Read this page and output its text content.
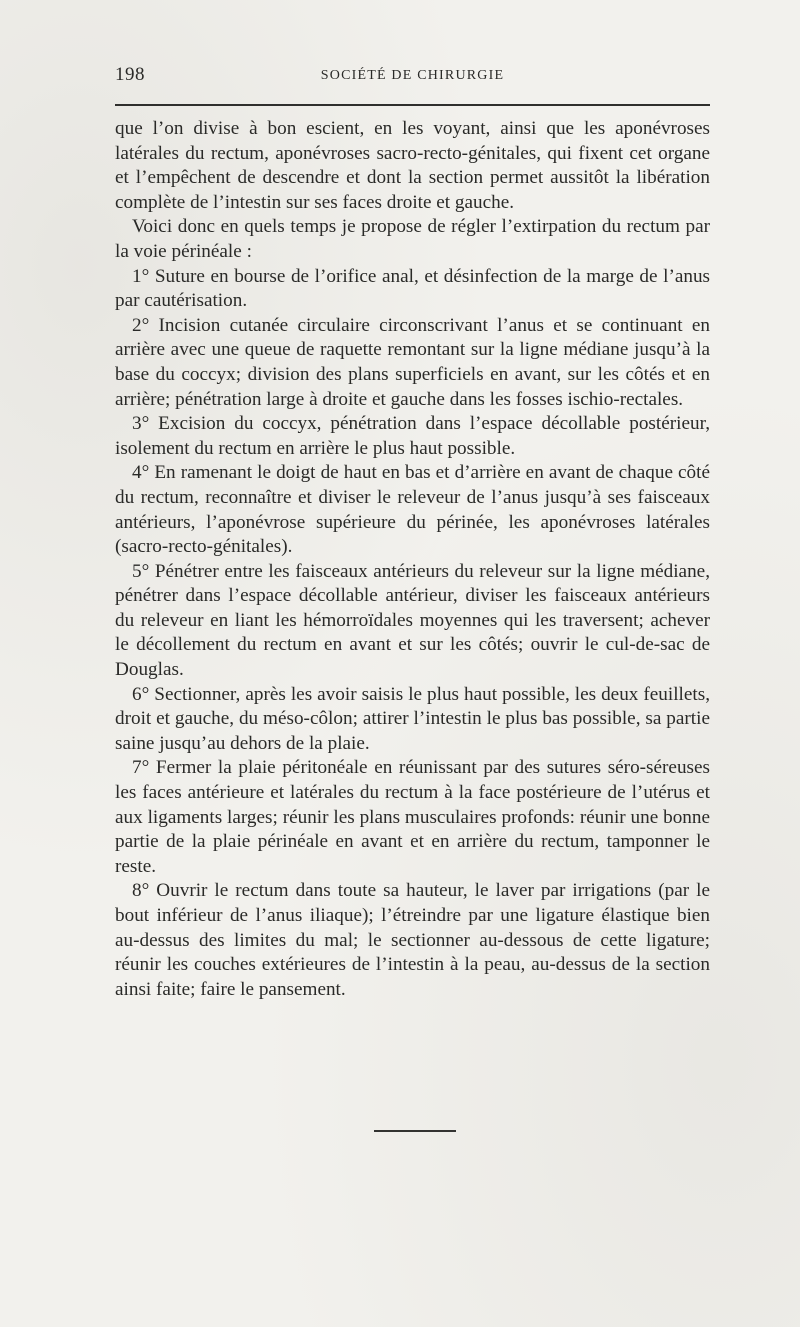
198	SOCIÉTÉ DE CHIRURGIE

que l’on divise à bon escient, en les voyant, ainsi que les aponévroses latérales du rectum, aponévroses sacro-recto-génitales, qui fixent cet organe et l’empêchent de descendre et dont la section permet aussitôt la libération complète de l’intestin sur ses faces droite et gauche.

Voici donc en quels temps je propose de régler l’extirpation du rectum par la voie périnéale :

1° Suture en bourse de l’orifice anal, et désinfection de la marge de l’anus par cautérisation.

2° Incision cutanée circulaire circonscrivant l’anus et se continuant en arrière avec une queue de raquette remontant sur la ligne médiane jusqu’à la base du coccyx; division des plans superficiels en avant, sur les côtés et en arrière; pénétration large à droite et gauche dans les fosses ischio-rectales.

3° Excision du coccyx, pénétration dans l’espace décollable postérieur, isolement du rectum en arrière le plus haut possible.

4° En ramenant le doigt de haut en bas et d’arrière en avant de chaque côté du rectum, reconnaître et diviser le releveur de l’anus jusqu’à ses faisceaux antérieurs, l’aponévrose supérieure du périnée, les aponévroses latérales (sacro-recto-génitales).

5° Pénétrer entre les faisceaux antérieurs du releveur sur la ligne médiane, pénétrer dans l’espace décollable antérieur, diviser les faisceaux antérieurs du releveur en liant les hémorroïdales moyennes qui les traversent; achever le décollement du rectum en avant et sur les côtés; ouvrir le cul-de-sac de Douglas.

6° Sectionner, après les avoir saisis le plus haut possible, les deux feuillets, droit et gauche, du méso-côlon; attirer l’intestin le plus bas possible, sa partie saine jusqu’au dehors de la plaie.

7° Fermer la plaie péritonéale en réunissant par des sutures séro-séreuses les faces antérieure et latérales du rectum à la face postérieure de l’utérus et aux ligaments larges; réunir les plans musculaires profonds: réunir une bonne partie de la plaie périnéale en avant et en arrière du rectum, tamponner le reste.

8° Ouvrir le rectum dans toute sa hauteur, le laver par irrigations (par le bout inférieur de l’anus iliaque); l’étreindre par une ligature élastique bien au-dessus des limites du mal; le sectionner au-dessous de cette ligature; réunir les couches extérieures de l’intestin à la peau, au-dessus de la section ainsi faite; faire le pansement.
